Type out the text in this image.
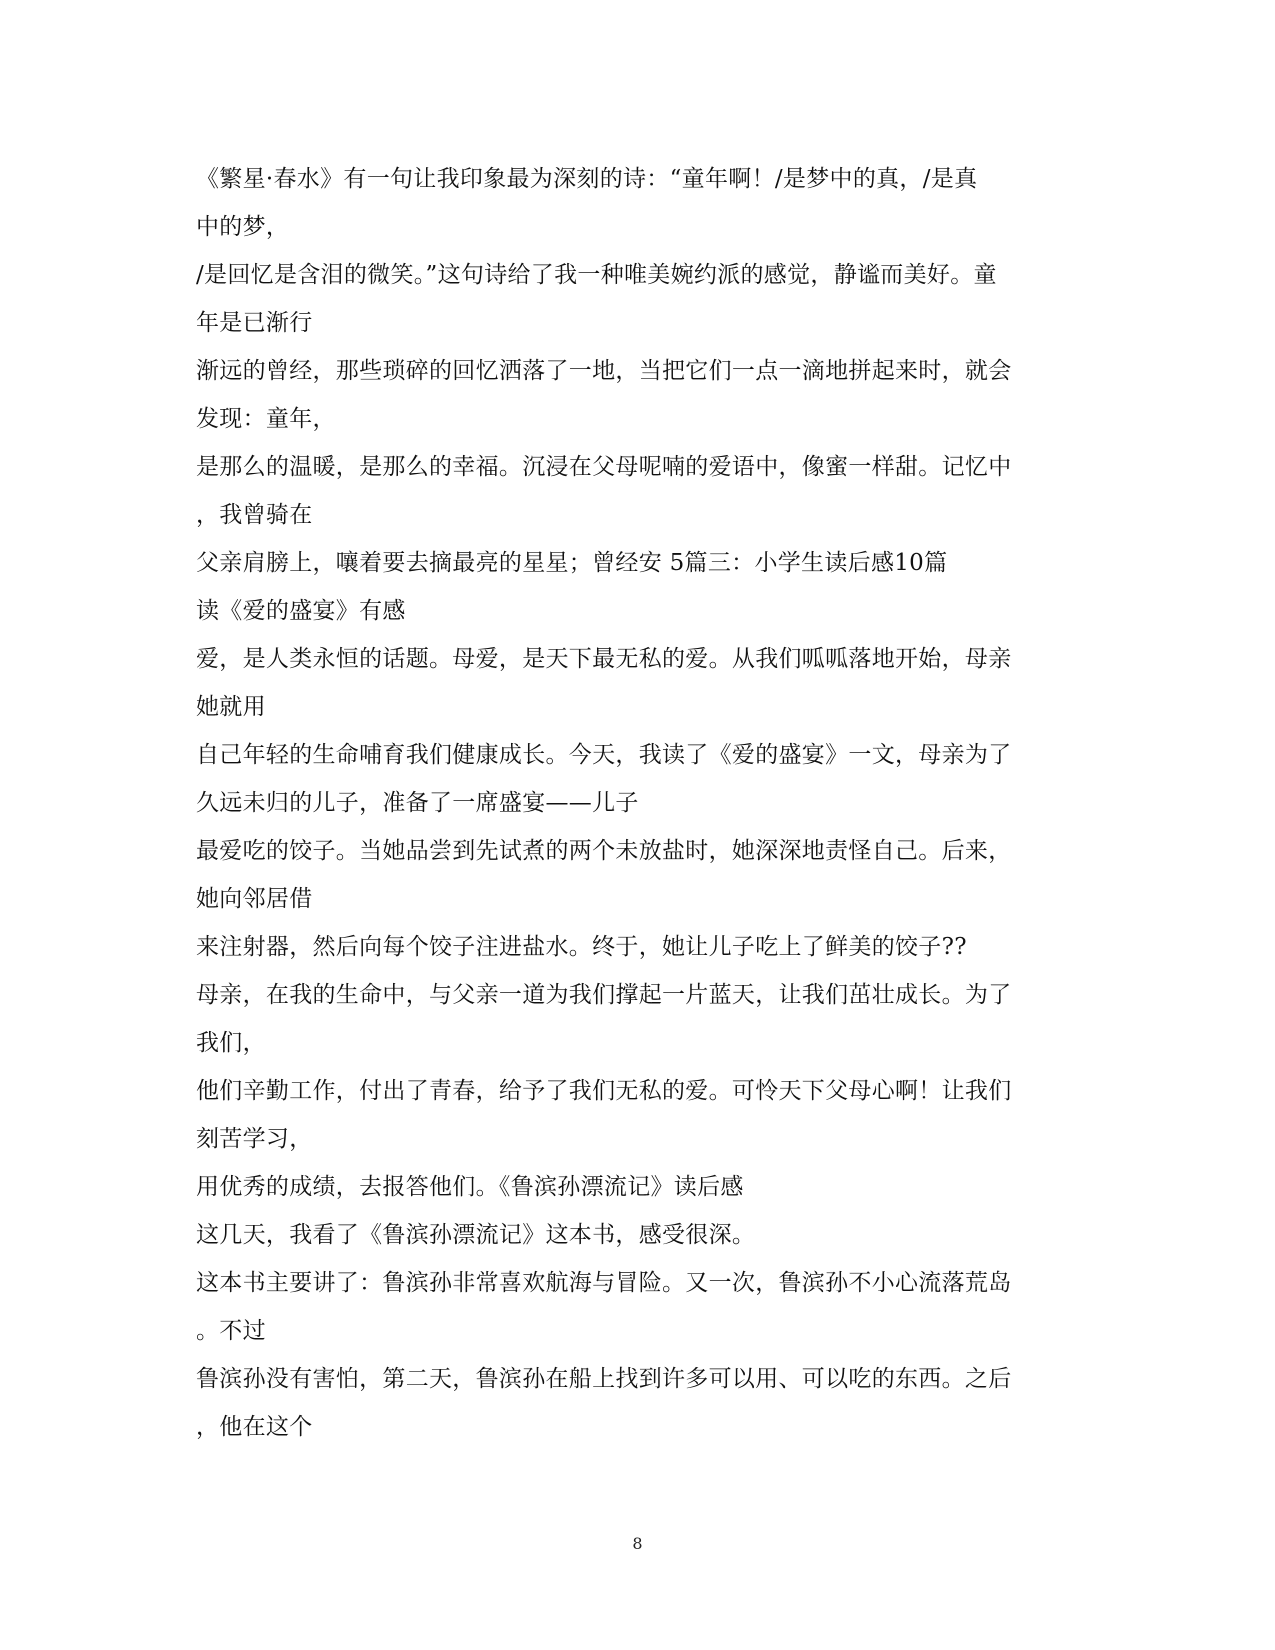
《繁星·春水》有一句让我印象最为深刻的诗：“童年啊！/是梦中的真，/是真
中的梦，
/是回忆是含泪的微笑。”这句诗给了我一种唯美婉约派的感觉，静谧而美好。童
年是已渐行
渐远的曾经，那些琐碎的回忆洒落了一地，当把它们一点一滴地拼起来时，就会
发现：童年，
是那么的温暖，是那么的幸福。沉浸在父母呢喃的爱语中，像蜜一样甜。记忆中
，我曾骑在
父亲肩膀上，嚷着要去摘最亮的星星；曾经安 5篇三：小学生读后感10篇
读《爱的盛宴》有感
爱，是人类永恒的话题。母爱，是天下最无私的爱。从我们呱呱落地开始，母亲
她就用
自己年轻的生命哺育我们健康成长。今天，我读了《爱的盛宴》一文，母亲为了
久远未归的儿子，准备了一席盛宴——儿子
最爱吃的饺子。当她品尝到先试煮的两个未放盐时，她深深地责怪自己。后来，
她向邻居借
来注射器，然后向每个饺子注进盐水。终于，她让儿子吃上了鲜美的饺子??
母亲，在我的生命中，与父亲一道为我们撑起一片蓝天，让我们茁壮成长。为了
我们，
他们辛勤工作，付出了青春，给予了我们无私的爱。可怜天下父母心啊！让我们
刻苦学习，
用优秀的成绩，去报答他们。《鲁滨孙漂流记》读后感
这几天，我看了《鲁滨孙漂流记》这本书，感受很深。
这本书主要讲了：鲁滨孙非常喜欢航海与冒险。又一次，鲁滨孙不小心流落荒岛
。不过
鲁滨孙没有害怕，第二天，鲁滨孙在船上找到许多可以用、可以吃的东西。之后
，他在这个
8
